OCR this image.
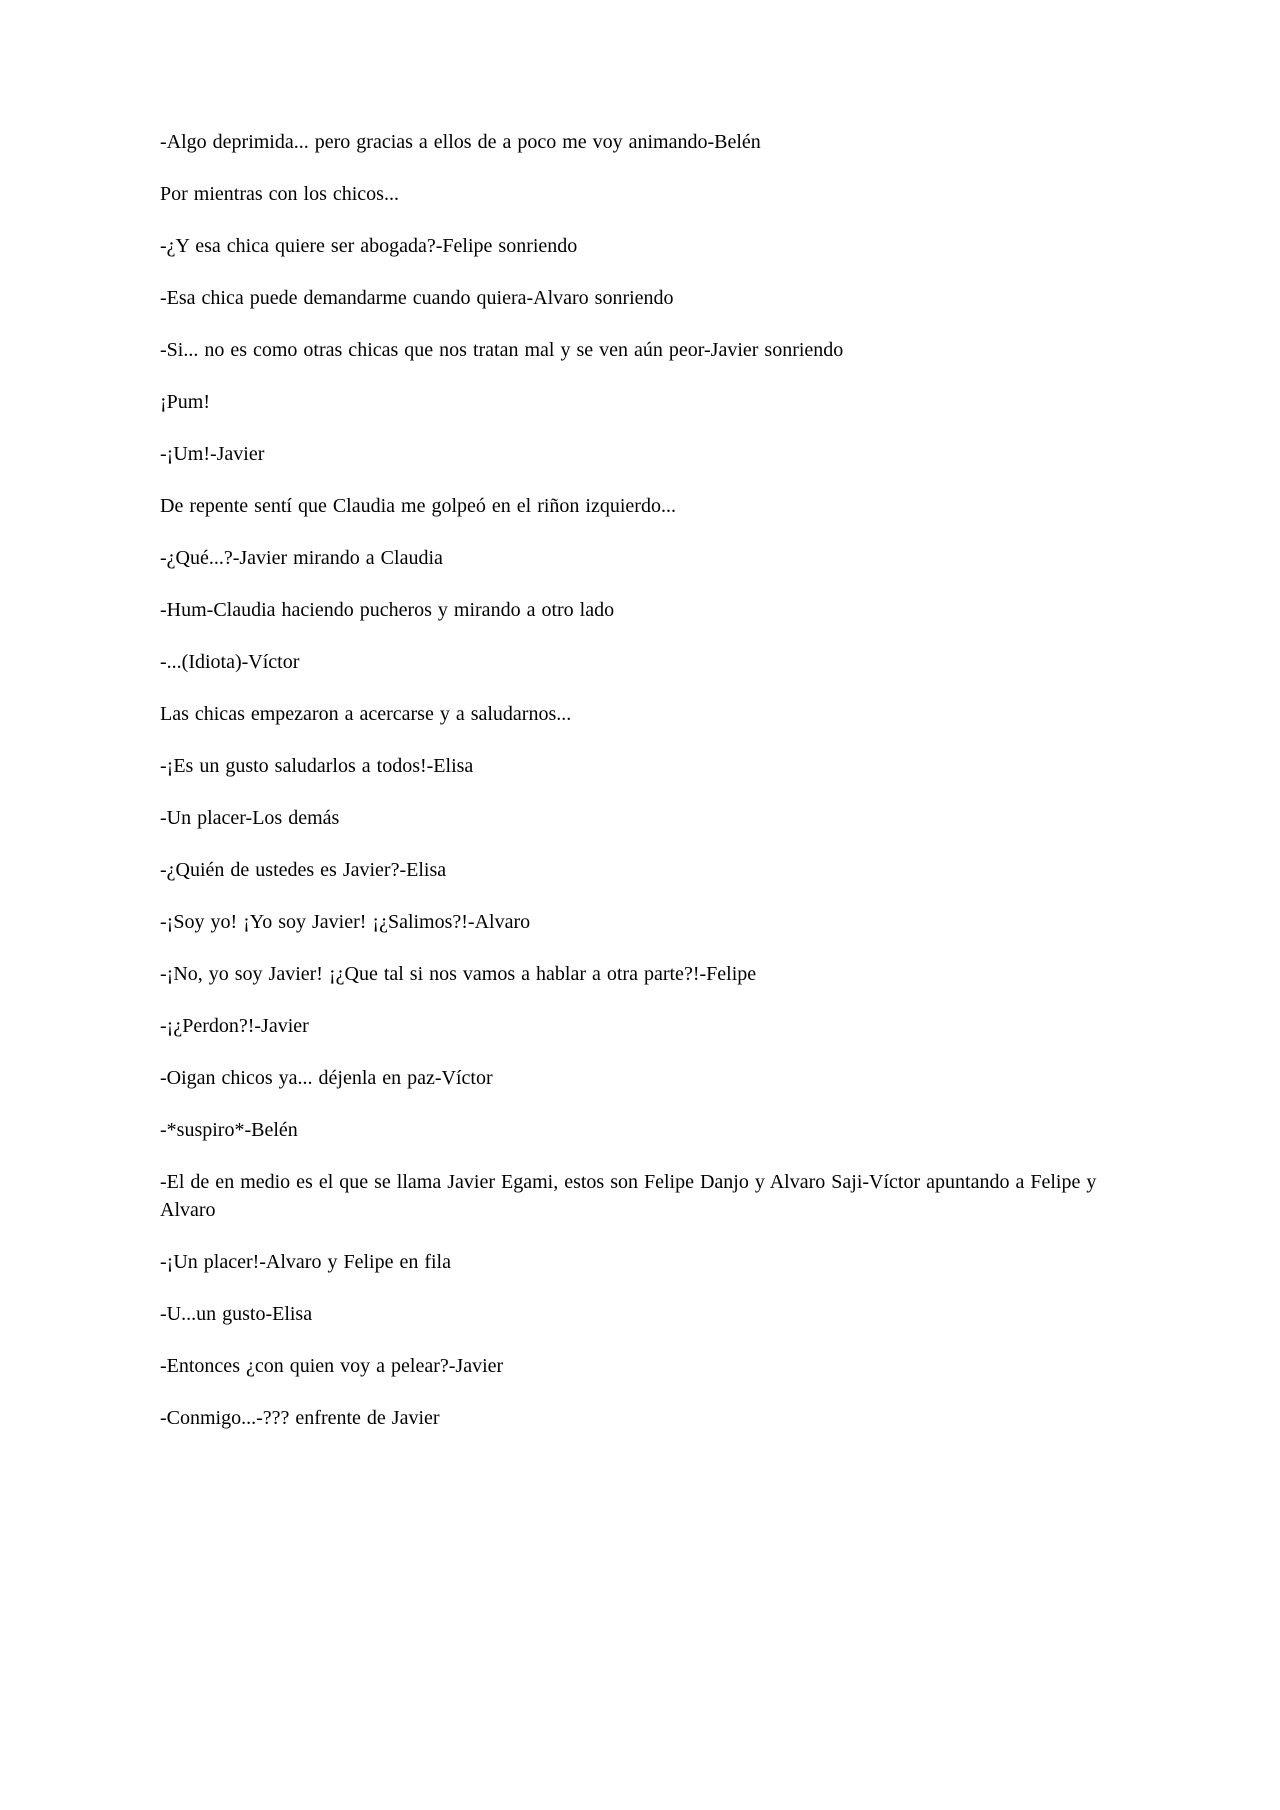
-Algo deprimida... pero gracias a ellos de a poco me voy animando-Belén

Por mientras con los chicos...

-¿Y esa chica quiere ser abogada?-Felipe sonriendo

-Esa chica puede demandarme cuando quiera-Alvaro sonriendo

-Si... no es como otras chicas que nos tratan mal y se ven aún peor-Javier sonriendo

¡Pum!

-¡Um!-Javier

De repente sentí que Claudia me golpeó en el riñon izquierdo...

-¿Qué...?-Javier mirando a Claudia

-Hum-Claudia haciendo pucheros y mirando a otro lado

-...(Idiota)-Víctor

Las chicas empezaron a acercarse y a saludarnos...

-¡Es un gusto saludarlos a todos!-Elisa

-Un placer-Los demás

-¿Quién de ustedes es Javier?-Elisa

-¡Soy yo! ¡Yo soy Javier! ¡¿Salimos?!-Alvaro

-¡No, yo soy Javier! ¡¿Que tal si nos vamos a hablar a otra parte?!-Felipe

-¡¿Perdon?!-Javier

-Oigan chicos ya... déjenla en paz-Víctor

-*suspiro*-Belén

-El de en medio es el que se llama Javier Egami, estos son Felipe Danjo y Alvaro Saji-Víctor apuntando a Felipe y Alvaro

-¡Un placer!-Alvaro y Felipe en fila

-U...un gusto-Elisa

-Entonces ¿con quien voy a pelear?-Javier

-Conmigo...-??? enfrente de Javier
